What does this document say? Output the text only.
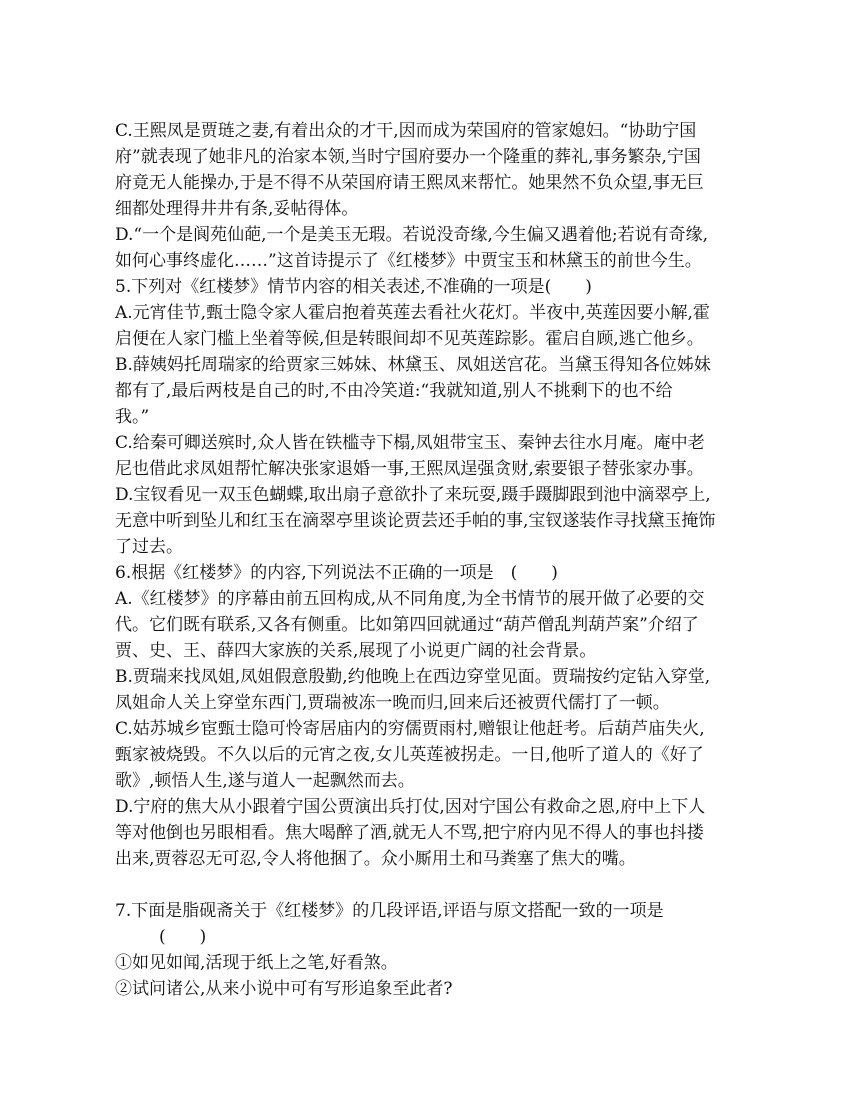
C.王熙凤是贾琏之妻,有着出众的才干,因而成为荣国府的管家媳妇。“协助宁国
府”就表现了她非凡的治家本领,当时宁国府要办一个隆重的葬礼,事务繁杂,宁国
府竟无人能操办,于是不得不从荣国府请王熙凤来帮忙。她果然不负众望,事无巨
细都处理得井井有条,妥帖得体。
D.“一个是阆苑仙葩,一个是美玉无瑕。若说没奇缘,今生偏又遇着他;若说有奇缘,
如何心事终虚化……”这首诗提示了《红楼梦》中贾宝玉和林黛玉的前世今生。
5.下列对《红楼梦》情节内容的相关表述,不准确的一项是(　　)
A.元宵佳节,甄士隐令家人霍启抱着英莲去看社火花灯。半夜中,英莲因要小解,霍
启便在人家门槛上坐着等候,但是转眼间却不见英莲踪影。霍启自顾,逃亡他乡。
B.薛姨妈托周瑞家的给贾家三姊妹、林黛玉、凤姐送宫花。当黛玉得知各位姊妹
都有了,最后两枝是自己的时,不由冷笑道:“我就知道,别人不挑剩下的也不给
我。”
C.给秦可卿送殡时,众人皆在铁槛寺下榻,凤姐带宝玉、秦钟去往水月庵。庵中老
尼也借此求凤姐帮忙解决张家退婚一事,王熙凤逞强贪财,索要银子替张家办事。
D.宝钗看见一双玉色蝴蝶,取出扇子意欲扑了来玩耍,蹑手蹑脚跟到池中滴翠亭上,
无意中听到坠儿和红玉在滴翠亭里谈论贾芸还手帕的事,宝钗遂装作寻找黛玉掩饰
了过去。
6.根据《红楼梦》的内容,下列说法不正确的一项是　(　　)
A.《红楼梦》的序幕由前五回构成,从不同角度,为全书情节的展开做了必要的交
代。它们既有联系,又各有侧重。比如第四回就通过“葫芦僧乱判葫芦案”介绍了
贾、史、王、薛四大家族的关系,展现了小说更广阔的社会背景。
B.贾瑞来找凤姐,凤姐假意殷勤,约他晚上在西边穿堂见面。贾瑞按约定钻入穿堂,
凤姐命人关上穿堂东西门,贾瑞被冻一晚而归,回来后还被贾代儒打了一顿。
C.姑苏城乡宦甄士隐可怜寄居庙内的穷儒贾雨村,赠银让他赶考。后葫芦庙失火,
甄家被烧毁。不久以后的元宵之夜,女儿英莲被拐走。一日,他听了道人的《好了
歌》,顿悟人生,遂与道人一起飘然而去。
D.宁府的焦大从小跟着宁国公贾演出兵打仗,因对宁国公有救命之恩,府中上下人
等对他倒也另眼相看。焦大喝醉了酒,就无人不骂,把宁府内见不得人的事也抖搂
出来,贾蓉忍无可忍,令人将他捆了。众小厮用土和马粪塞了焦大的嘴。
7.下面是脂砚斋关于《红楼梦》的几段评语,评语与原文搭配一致的一项是
(　　)
①如见如闻,活现于纸上之笔,好看煞。
②试问诸公,从来小说中可有写形追象至此者?
